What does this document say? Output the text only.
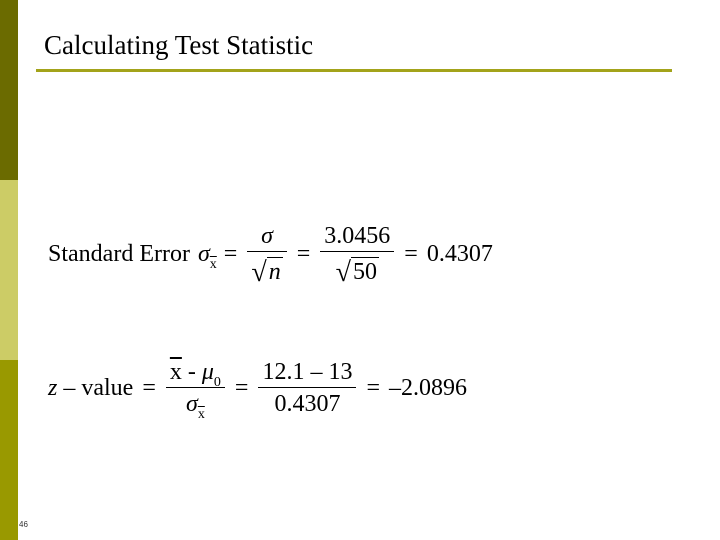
Calculating Test Statistic
Standard Error σ $\overline{x} = \frac{\sigma}{√ n} = \frac{3.0456}{√ 50} = 0.4307$
z – value = $\frac{\overline{x} - \mu_0}{\sigma \overline{x}} = \frac{12.1 - 13}{0.4307} = -2.0896$
46
